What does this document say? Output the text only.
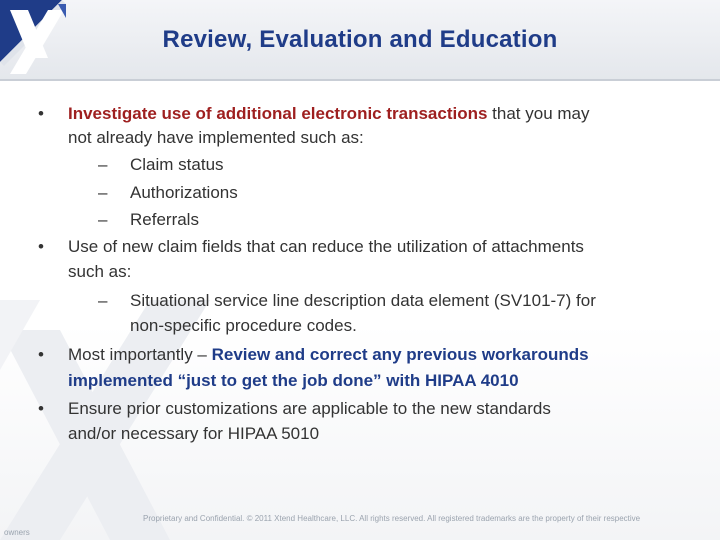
Review, Evaluation and Education
• Investigate use of additional electronic transactions that you may
not already have implemented such as:
– Claim status
– Authorizations
– Referrals
• Use of new claim fields that can reduce the utilization of attachments
such as:
– Situational service line description data element (SV101-7) for
non-specific procedure codes.
• Most importantly – Review and correct any previous workarounds
implemented “just to get the job done” with HIPAA 4010
• Ensure prior customizations are applicable to the new standards
and/or necessary for HIPAA 5010
Proprietary and Confidential. © 2011 Xtend Healthcare, LLC. All rights reserved. All registered trademarks are the property of their respective
owners
